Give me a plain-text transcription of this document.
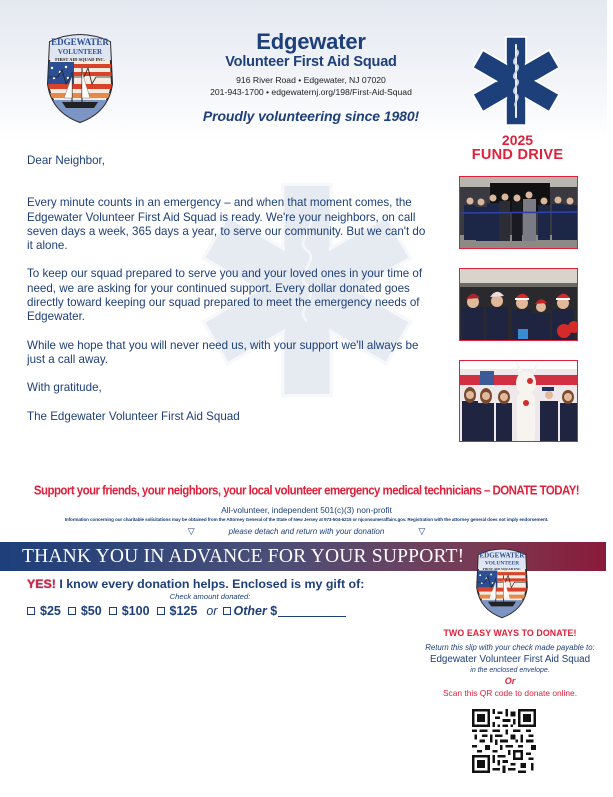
EDGEWATER
VOLUNTEER
FIRST AID SQUAD INC.
Edgewater
Volunteer First Aid Squad
916 River Road • Edgewater, NJ 07020
201-943-1700 • edgewaternj.org/198/First-Aid-Squad
Proudly volunteering since 1980!
2025
FUND DRIVE

Dear Neighbor,

Every minute counts in an emergency – and when that moment comes, the Edgewater Volunteer First Aid Squad is ready. We're your neighbors, on call seven days a week, 365 days a year, to serve our community. But we can't do it alone.

To keep our squad prepared to serve you and your loved ones in your time of need, we are asking for your continued support. Every dollar donated goes directly toward keeping our squad prepared to meet the emergency needs of Edgewater.

While we hope that you will never need us, with your support we'll always be just a call away.

With gratitude,

The Edgewater Volunteer First Aid Squad

Support your friends, your neighbors, your local volunteer emergency medical technicians – DONATE TODAY!
All-volunteer, independent 501(c)(3) non-profit
Information concerning our charitable solicitations may be obtained from the Attorney General of the State of New Jersey at 973-504-6215 or njconsumeraffairs.gov. Registration with the attorney general does not imply endorsement.
▽	please detach and return with your donation	▽
THANK YOU IN ADVANCE FOR YOUR SUPPORT! EDGEWATER
VOLUNTEER
FIRST AID SQUAD INC.
YES! I know every donation helps. Enclosed is my gift of:
Check amount donated:
$25 $50 $100 $125 or Other
$
TWO EASY WAYS TO DONATE!
Return this slip with your check made payable to:
Edgewater Volunteer First Aid Squad
in the enclosed envelope.
Or
Scan this QR code to donate online.
